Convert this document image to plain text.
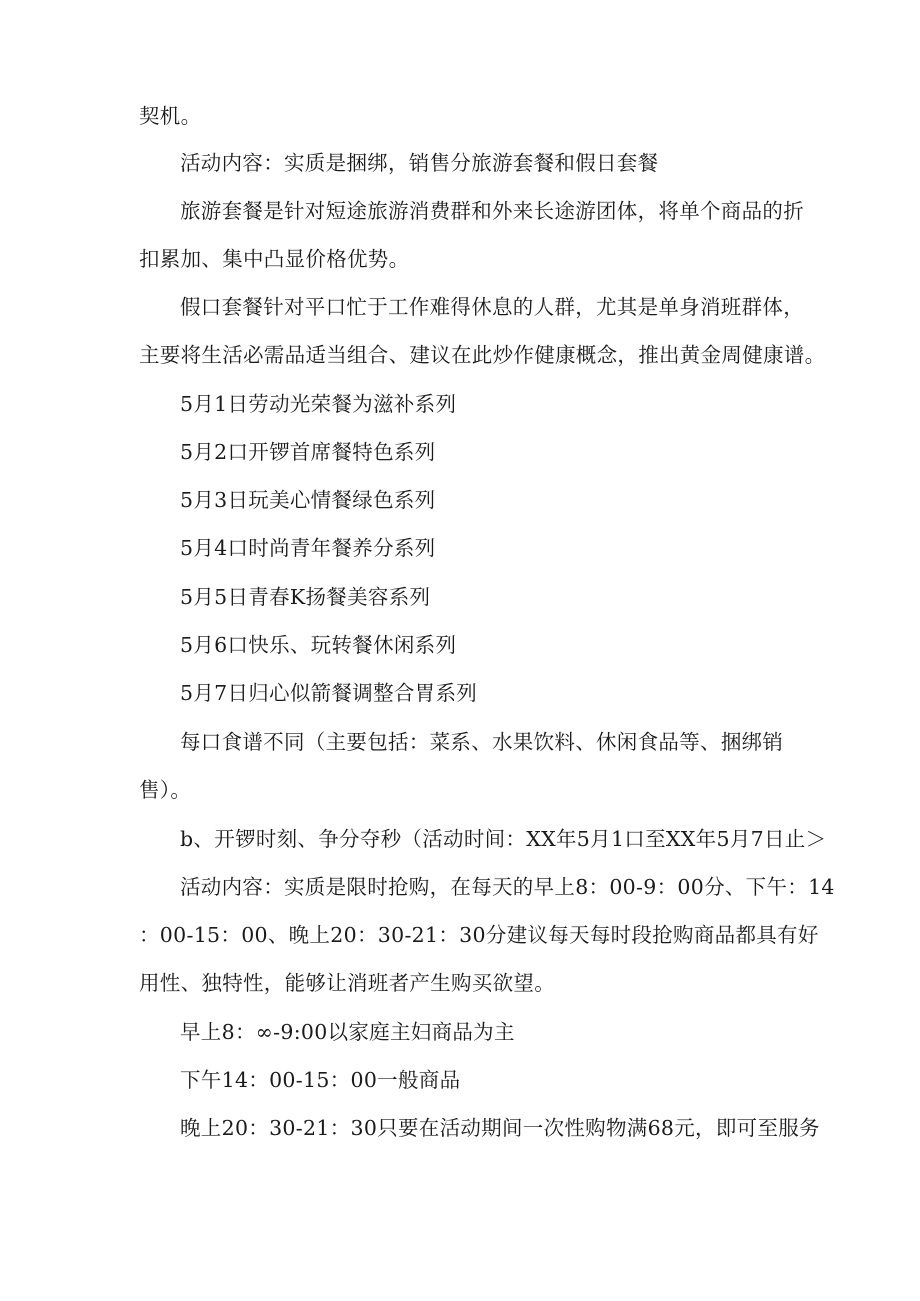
契机。

活动内容：实质是捆绑，销售分旅游套餐和假日套餐

旅游套餐是针对短途旅游消费群和外来长途游团体，将单个商品的折

扣累加、集中凸显价格优势。

假口套餐针对平口忙于工作难得休息的人群，尤其是单身消班群体，

主要将生活必需品适当组合、建议在此炒作健康概念，推出黄金周健康谱。

5月1日劳动光荣餐为滋补系列

5月2口开锣首席餐特色系列

5月3日玩美心情餐绿色系列

5月4口时尚青年餐养分系列

5月5日青春K扬餐美容系列

5月6口快乐、玩转餐休闲系列

5月7日归心似箭餐调整合胃系列

每口食谱不同（主要包括：菜系、水果饮料、休闲食品等、捆绑销

售）。

b、开锣时刻、争分夺秒（活动时间：XX年5月1口至XX年5月7日止＞

活动内容：实质是限时抢购，在每天的早上8：00-9：00分、下午：14

：00-15：00、晚上20：30-21：30分建议每天每时段抢购商品都具有好

用性、独特性，能够让消班者产生购买欲望。

早上8：∞-9:00以家庭主妇商品为主

下午14：00-15：00一般商品

晚上20：30-21：30只要在活动期间一次性购物满68元，即可至服务
